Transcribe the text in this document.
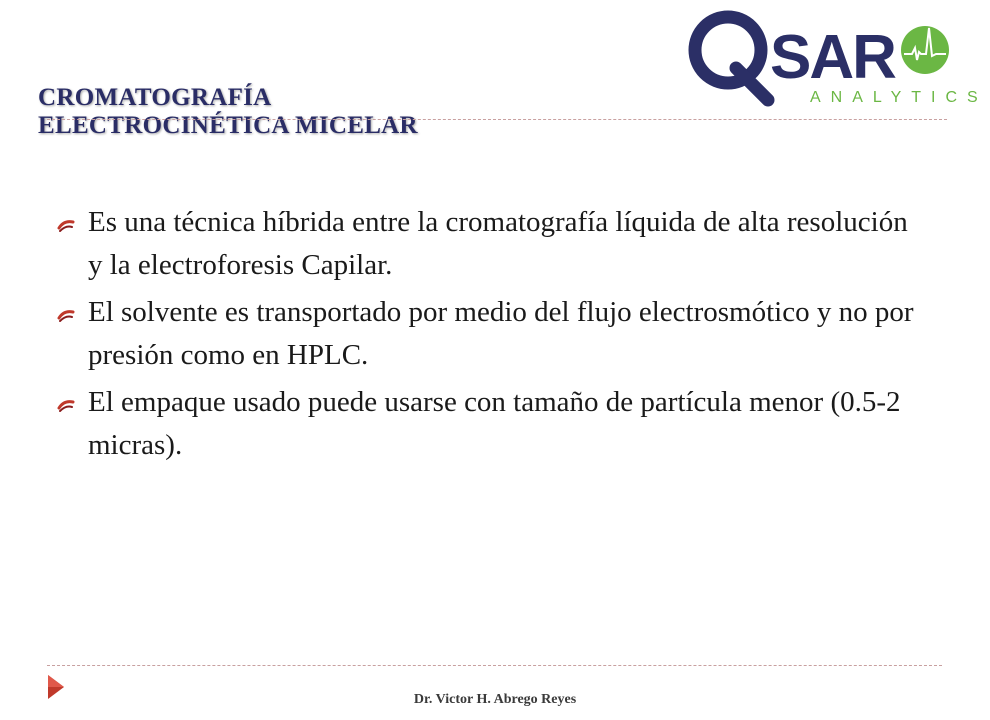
SAR
ANALYTICS
CROMATOGRAFÍA
ELECTROCINÉTICA MICELAR
Es una técnica híbrida entre la cromatografía líquida de alta resolución y la electroforesis Capilar.
El solvente es transportado por medio del flujo electrosmótico y no por presión como en HPLC.
El empaque usado puede usarse con tamaño de partícula menor (0.5-2 micras).
Dr. Victor H. Abrego Reyes
